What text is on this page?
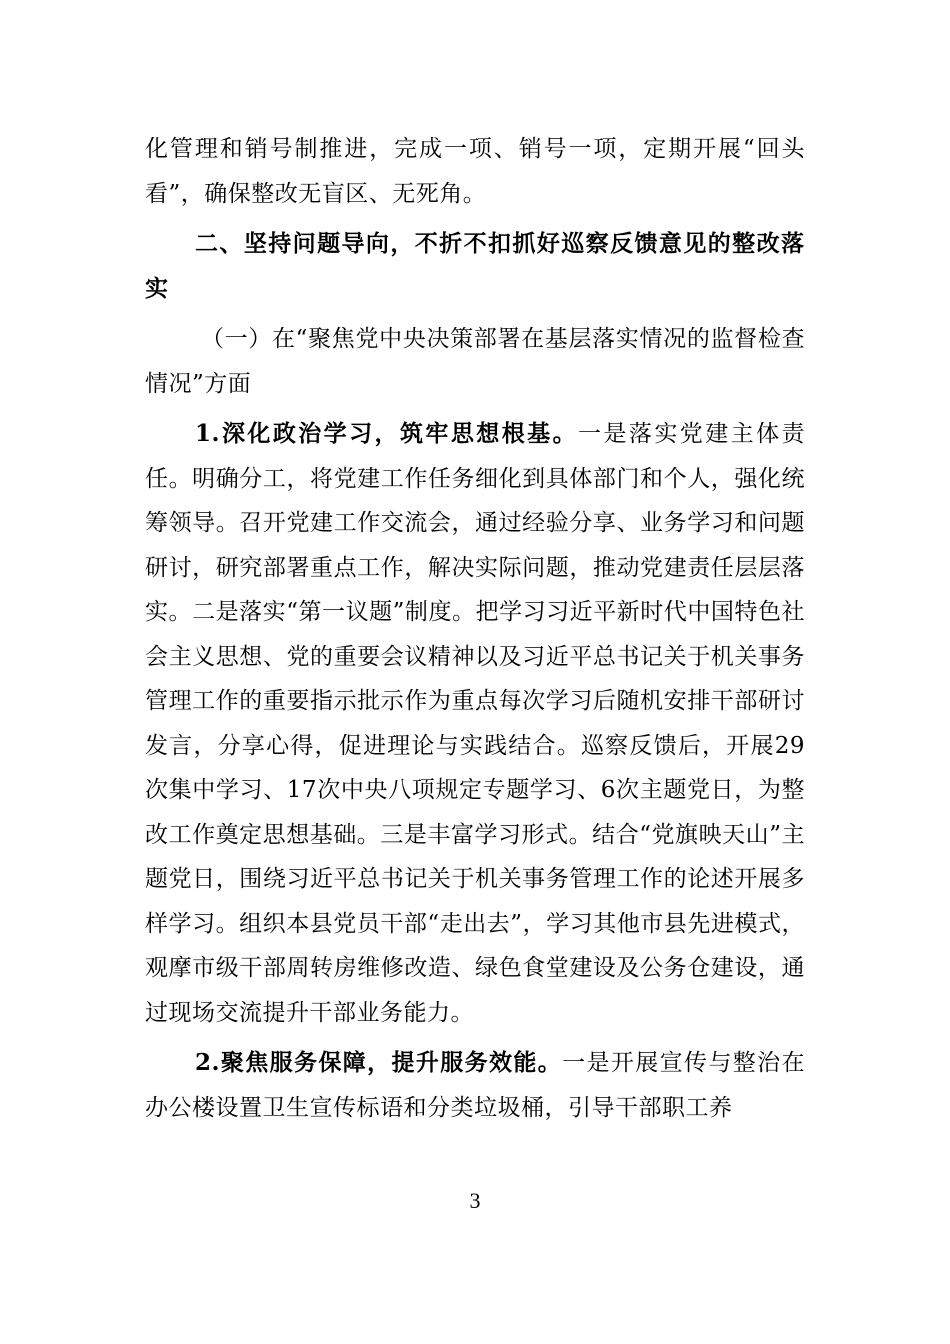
化管理和销号制推进，完成一项、销号一项，定期开展“回头看”，确保整改无盲区、无死角。

二、坚持问题导向，不折不扣抓好巡察反馈意见的整改落实

（一）在“聚焦党中央决策部署在基层落实情况的监督检查情况”方面

1.深化政治学习，筑牢思想根基。一是落实党建主体责任。明确分工，将党建工作任务细化到具体部门和个人，强化统筹领导。召开党建工作交流会，通过经验分享、业务学习和问题研讨，研究部署重点工作，解决实际问题，推动党建责任层层落实。二是落实“第一议题”制度。把学习习近平新时代中国特色社会主义思想、党的重要会议精神以及习近平总书记关于机关事务管理工作的重要指示批示作为重点每次学习后随机安排干部研讨发言，分享心得，促进理论与实践结合。巡察反馈后，开展29次集中学习、17次中央八项规定专题学习、6次主题党日，为整改工作奠定思想基础。三是丰富学习形式。结合“党旗映天山”主题党日，围绕习近平总书记关于机关事务管理工作的论述开展多样学习。组织本县党员干部“走出去”，学习其他市县先进模式，观摩市级干部周转房维修改造、绿色食堂建设及公务仓建设，通过现场交流提升干部业务能力。

2.聚焦服务保障，提升服务效能。一是开展宣传与整治在办公楼设置卫生宣传标语和分类垃圾桶，引导干部职工养

3
